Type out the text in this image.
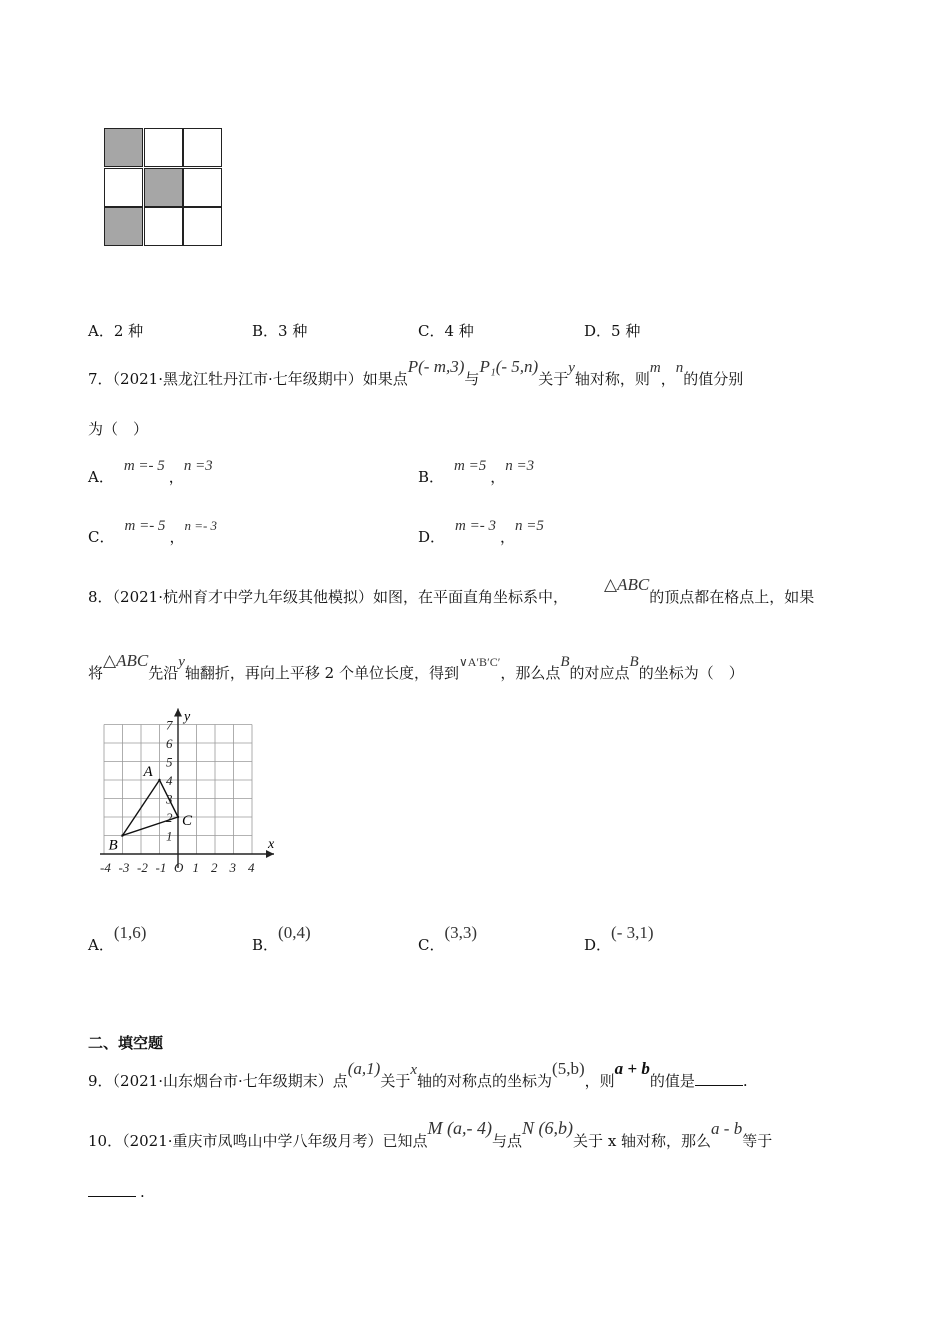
A．2 种	B．3 种	C．4 种	D．5 种
7．（2021·黑龙江牡丹江市·七年级期中）如果点P(- m,3)与P₁(- 5,n)关于y轴对称，则m，n的值分别
为（　）
A．m =- 5，n =3
B．m =5，n =3
C．m =- 5，n =- 3
D．m =- 3，n =5
8．（2021·杭州育才中学九年级其他模拟）如图，在平面直角坐标系中，△ABC的顶点都在格点上，如果
将△ABC先沿y轴翻折，再向上平移 2 个单位长度，得到$^{\vee A'B'C'}$，那么点B的对应点B的坐标为（　）
x
y
-4 -3 -2 -1 O 1 2 3 4
1
2
3
4
5
6
7
A
B
C
A．(1,6)
B．(0,4)
C．(3,3)
D．(- 3,1)
二、填空题
9．（2021·山东烟台市·七年级期末）点(a,1)关于x轴的对称点的坐标为(5,b)，则a + b的值是	.
10．（2021·重庆市凤鸣山中学八年级月考）已知点M (a,- 4)与点N (6,b)关于 x 轴对称，那么a - b等于
.
